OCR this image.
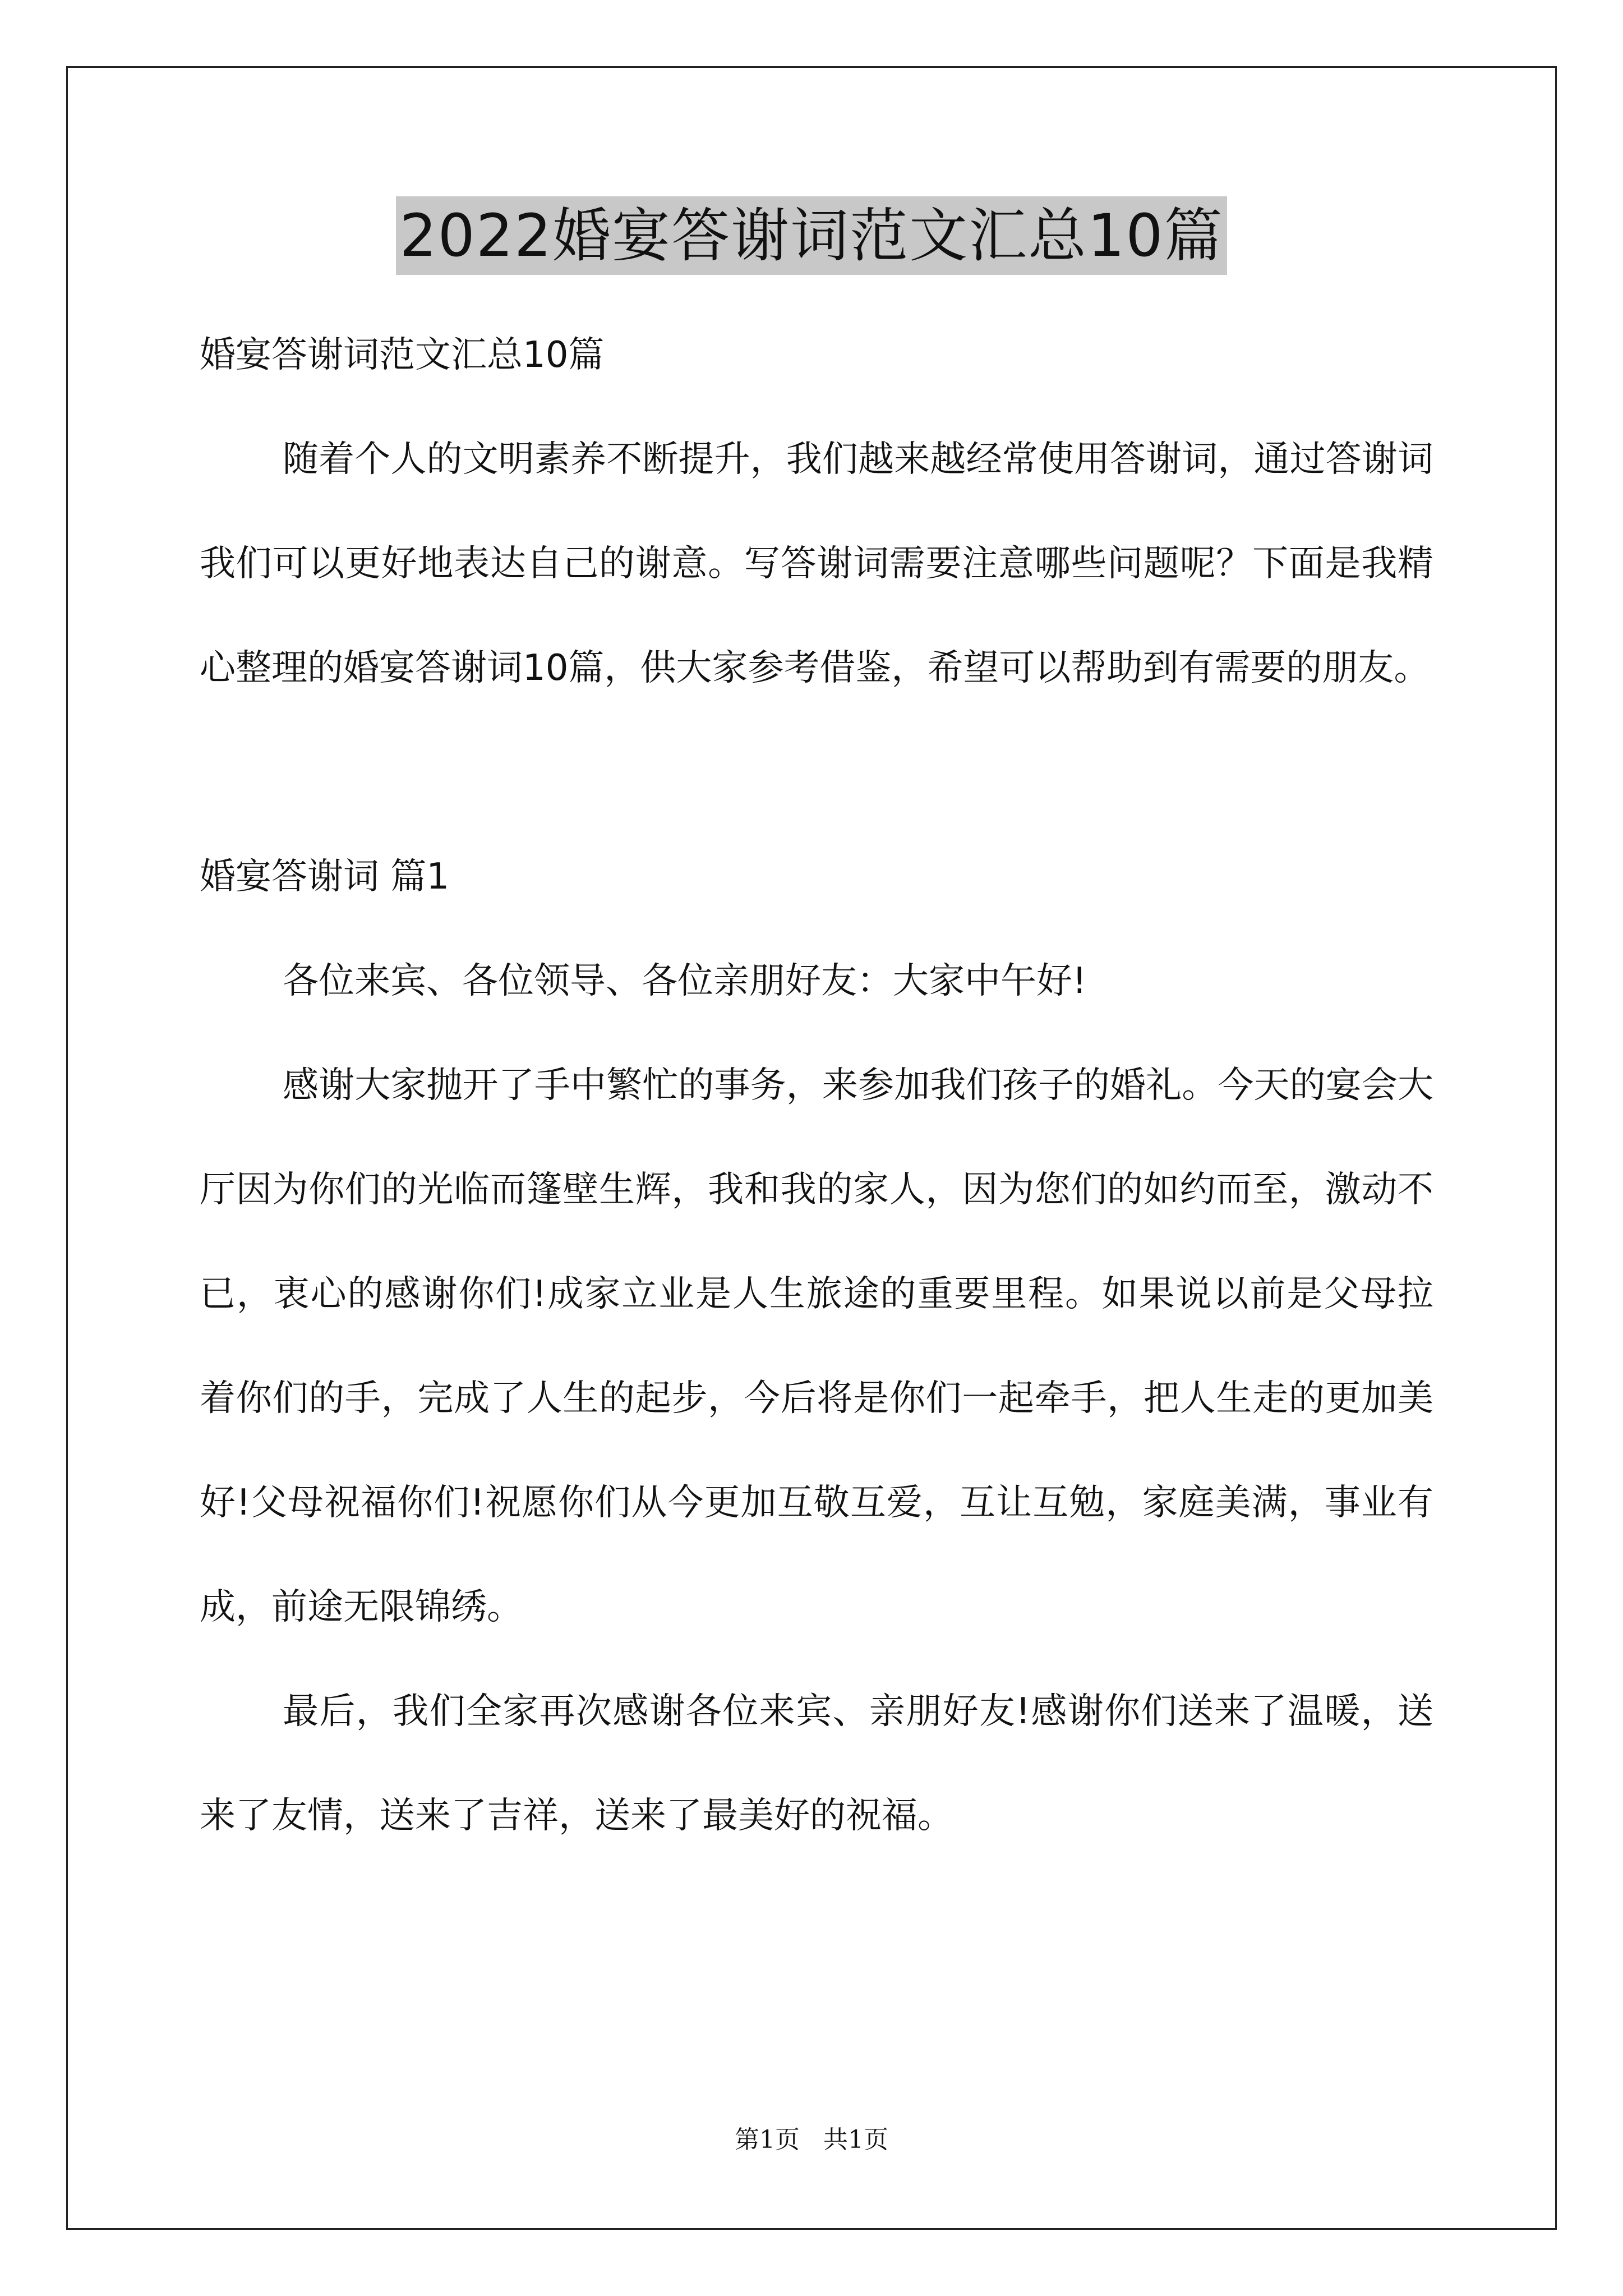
2022婚宴答谢词范文汇总10篇

婚宴答谢词范文汇总10篇

随着个人的文明素养不断提升，我们越来越经常使用答谢词，通过答谢词我们可以更好地表达自己的谢意。写答谢词需要注意哪些问题呢？下面是我精心整理的婚宴答谢词10篇，供大家参考借鉴，希望可以帮助到有需要的朋友。

婚宴答谢词 篇1

各位来宾、各位领导、各位亲朋好友：大家中午好!

感谢大家抛开了手中繁忙的事务，来参加我们孩子的婚礼。今天的宴会大厅因为你们的光临而篷壁生辉，我和我的家人，因为您们的如约而至，激动不已，衷心的感谢你们!成家立业是人生旅途的重要里程。如果说以前是父母拉着你们的手，完成了人生的起步，今后将是你们一起牵手，把人生走的更加美好!父母祝福你们!祝愿你们从今更加互敬互爱，互让互勉，家庭美满，事业有成，前途无限锦绣。

最后，我们全家再次感谢各位来宾、亲朋好友!感谢你们送来了温暖，送来了友情，送来了吉祥，送来了最美好的祝福。

第1页   共1页
